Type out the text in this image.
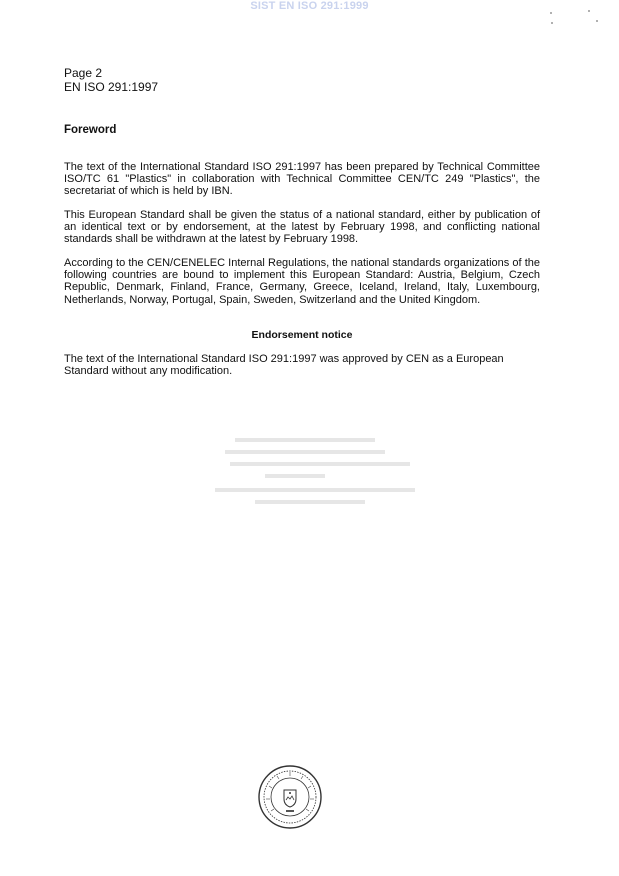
SIST EN ISO 291:1999
Page 2
EN ISO 291:1997
Foreword

The text of the International Standard ISO 291:1997 has been prepared by Technical Committee ISO/TC 61 "Plastics" in collaboration with Technical Committee CEN/TC 249 "Plastics", the secretariat of which is held by IBN.

This European Standard shall be given the status of a national standard, either by publication of an identical text or by endorsement, at the latest by February 1998, and conflicting national standards shall be withdrawn at the latest by February 1998.

According to the CEN/CENELEC Internal Regulations, the national standards organizations of the following countries are bound to implement this European Standard: Austria, Belgium, Czech Republic, Denmark, Finland, France, Germany, Greece, Iceland, Ireland, Italy, Luxembourg, Netherlands, Norway, Portugal, Spain, Sweden, Switzerland and the United Kingdom.

Endorsement notice

The text of the International Standard ISO 291:1997 was approved by CEN as a European Standard without any modification.
